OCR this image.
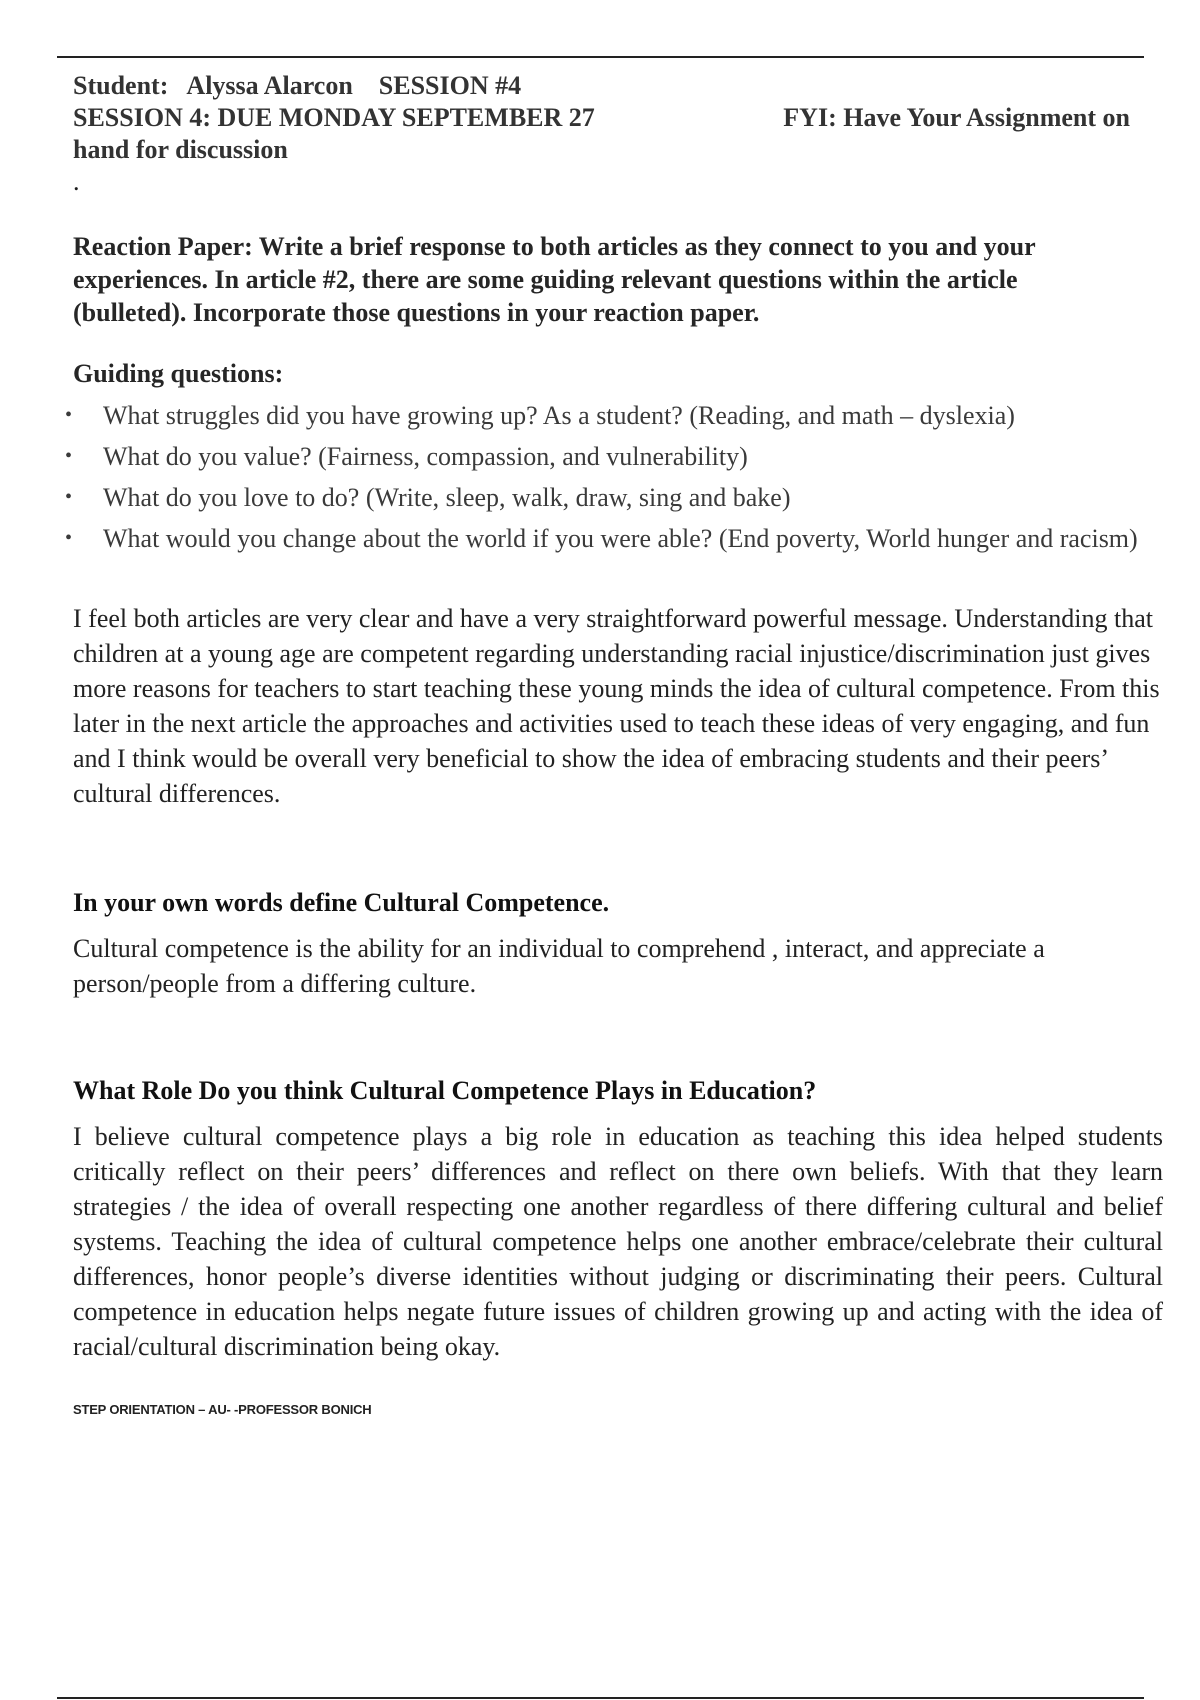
Student:   Alyssa Alarcon    SESSION #4
SESSION 4: DUE MONDAY SEPTEMBER 27	FYI: Have Your Assignment on
hand for discussion
.
Reaction Paper: Write a brief response to both articles as they connect to you and your
experiences. In article #2, there are some guiding relevant questions within the article
(bulleted). Incorporate those questions in your reaction paper.
Guiding questions:
• What struggles did you have growing up? As a student? (Reading, and math – dyslexia)
• What do you value? (Fairness, compassion, and vulnerability)
• What do you love to do? (Write, sleep, walk, draw, sing and bake)
• What would you change about the world if you were able? (End poverty, World hunger and racism)
I feel both articles are very clear and have a very straightforward powerful message. Understanding that children at a young age are competent regarding understanding racial injustice/discrimination just gives more reasons for teachers to start teaching these young minds the idea of cultural competence. From this later in the next article the approaches and activities used to teach these ideas of very engaging, and fun and I think would be overall very beneficial to show the idea of embracing students and their peers’ cultural differences.
In your own words define Cultural Competence.
Cultural competence is the ability for an individual to comprehend , interact, and appreciate a person/people from a differing culture.
What Role Do you think Cultural Competence Plays in Education?
I believe cultural competence plays a big role in education as teaching this idea helped students critically reflect on their peers’ differences and reflect on there own beliefs. With that they learn strategies / the idea of overall respecting one another regardless of there differing cultural and belief systems. Teaching the idea of cultural competence helps one another embrace/celebrate their cultural differences, honor people’s diverse identities without judging or discriminating their peers. Cultural competence in education helps negate future issues of children growing up and acting with the idea of racial/cultural discrimination being okay.
STEP ORIENTATION – AU- -PROFESSOR BONICH
